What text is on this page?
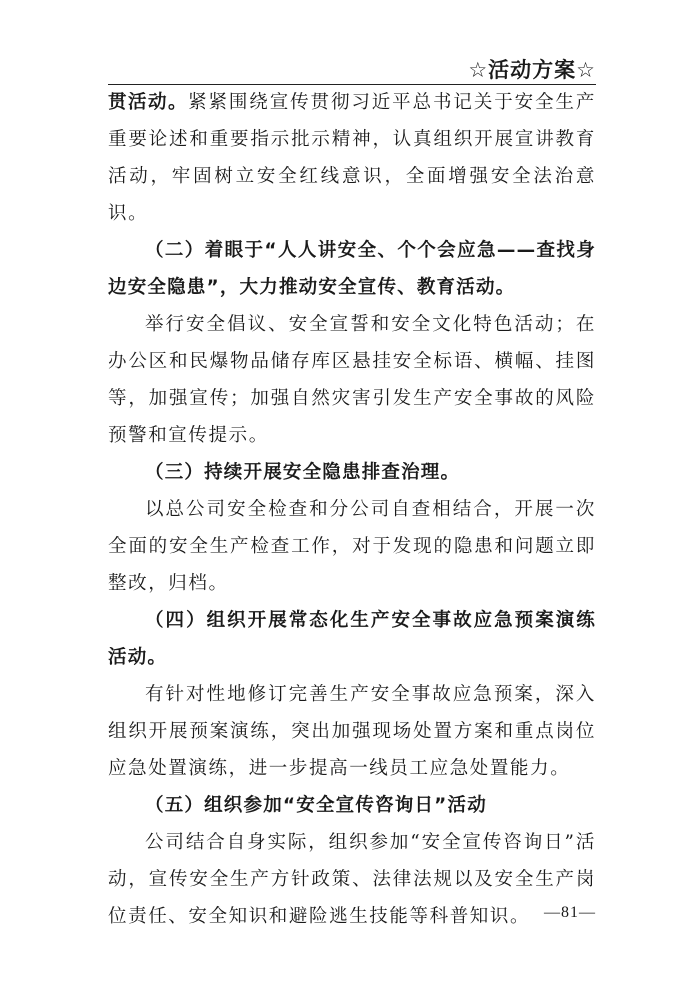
☆活动方案☆

贯活动。紧紧围绕宣传贯彻习近平总书记关于安全生产重要论述和重要指示批示精神，认真组织开展宣讲教育活动，牢固树立安全红线意识，全面增强安全法治意识。

（二）着眼于“人人讲安全、个个会应急——查找身边安全隐患”，大力推动安全宣传、教育活动。

举行安全倡议、安全宣誓和安全文化特色活动；在办公区和民爆物品储存库区悬挂安全标语、横幅、挂图等，加强宣传；加强自然灾害引发生产安全事故的风险预警和宣传提示。

（三）持续开展安全隐患排查治理。

以总公司安全检查和分公司自查相结合，开展一次全面的安全生产检查工作，对于发现的隐患和问题立即整改，归档。

（四）组织开展常态化生产安全事故应急预案演练活动。

有针对性地修订完善生产安全事故应急预案，深入组织开展预案演练，突出加强现场处置方案和重点岗位应急处置演练，进一步提高一线员工应急处置能力。

（五）组织参加“安全宣传咨询日”活动

公司结合自身实际，组织参加“安全宣传咨询日”活动，宣传安全生产方针政策、法律法规以及安全生产岗位责任、安全知识和避险逃生技能等科普知识。 —81—
